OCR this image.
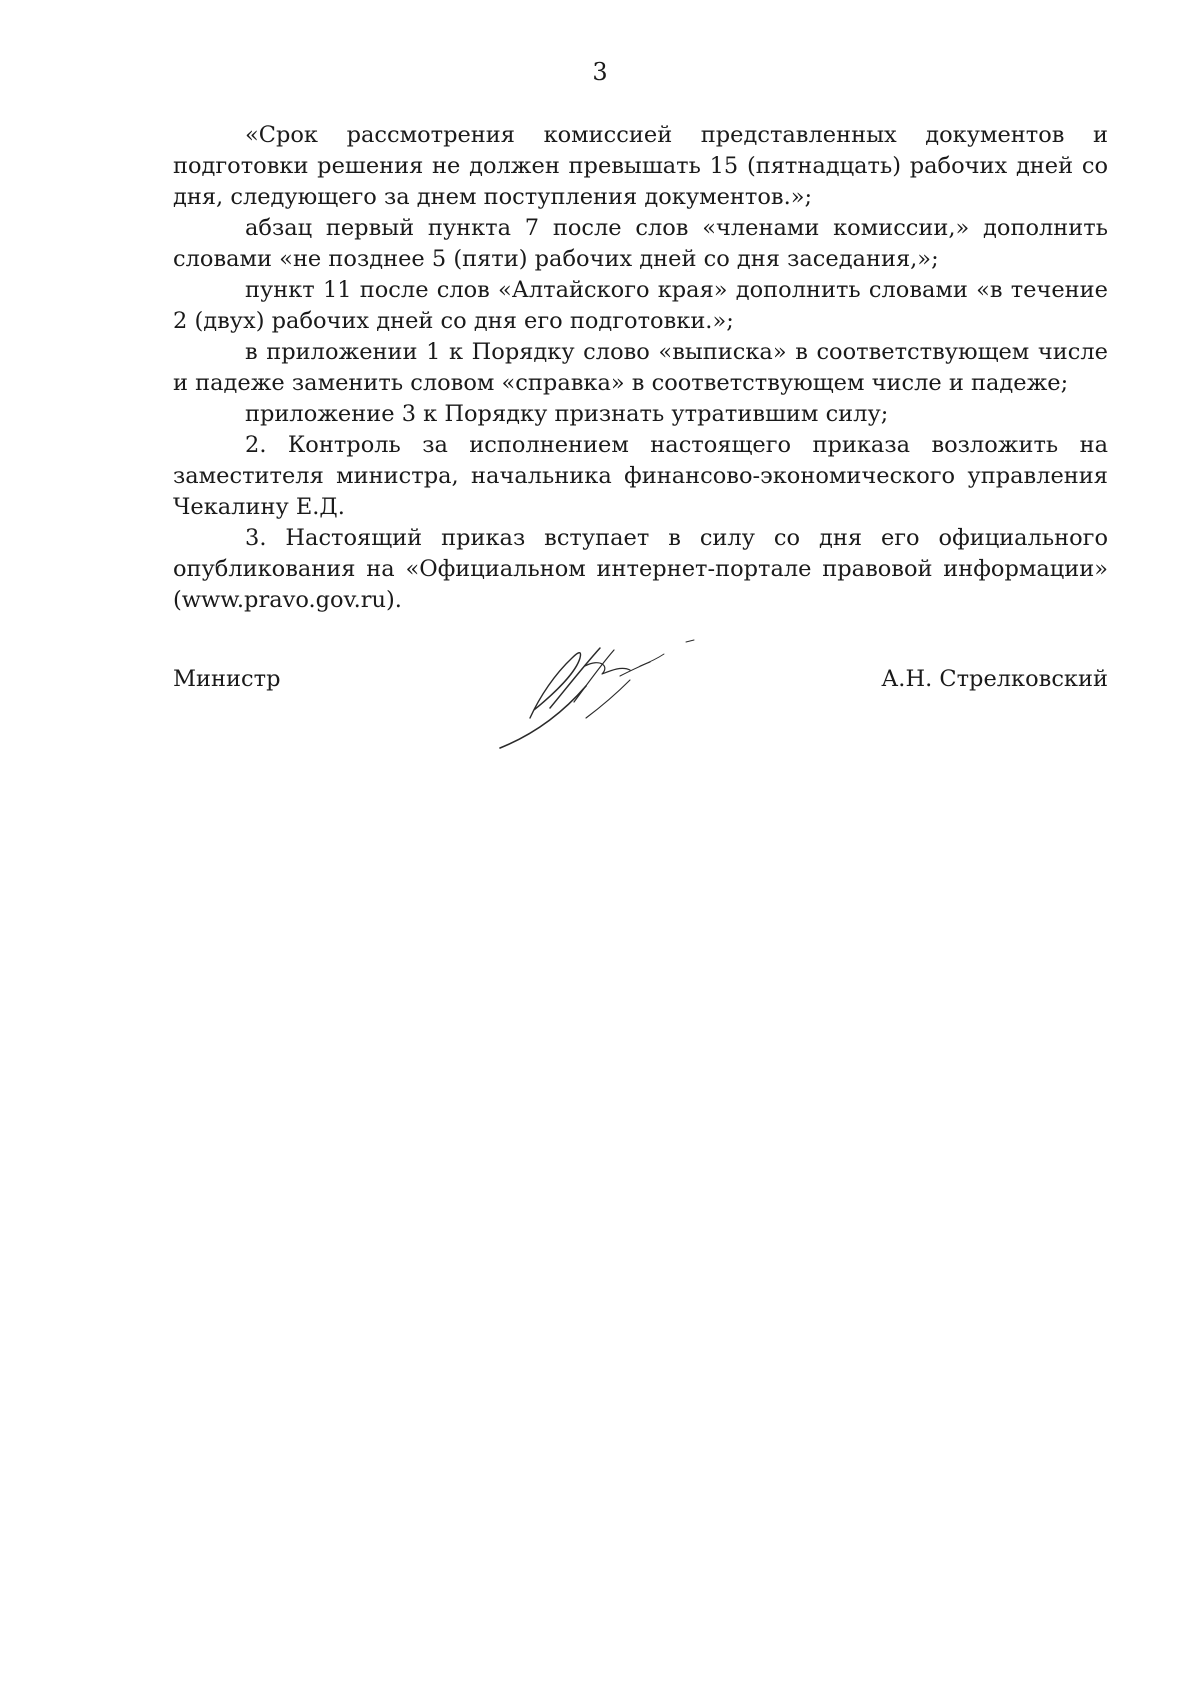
3

«Срок рассмотрения комиссией представленных документов и подготовки решения не должен превышать 15 (пятнадцать) рабочих дней со дня, следующего за днем поступления документов.»;

абзац первый пункта 7 после слов «членами комиссии,» дополнить словами «не позднее 5 (пяти) рабочих дней со дня заседания,»;

пункт 11 после слов «Алтайского края» дополнить словами «в течение 2 (двух) рабочих дней со дня его подготовки.»;

в приложении 1 к Порядку слово «выписка» в соответствующем числе и падеже заменить словом «справка» в соответствующем числе и падеже;

приложение 3 к Порядку признать утратившим силу;

2. Контроль за исполнением настоящего приказа возложить на заместителя министра, начальника финансово-экономического управления Чекалину Е.Д.

3. Настоящий приказ вступает в силу со дня его официального опубликования на «Официальном интернет-портале правовой информации» (www.pravo.gov.ru).

Министр	А.Н. Стрелковский
